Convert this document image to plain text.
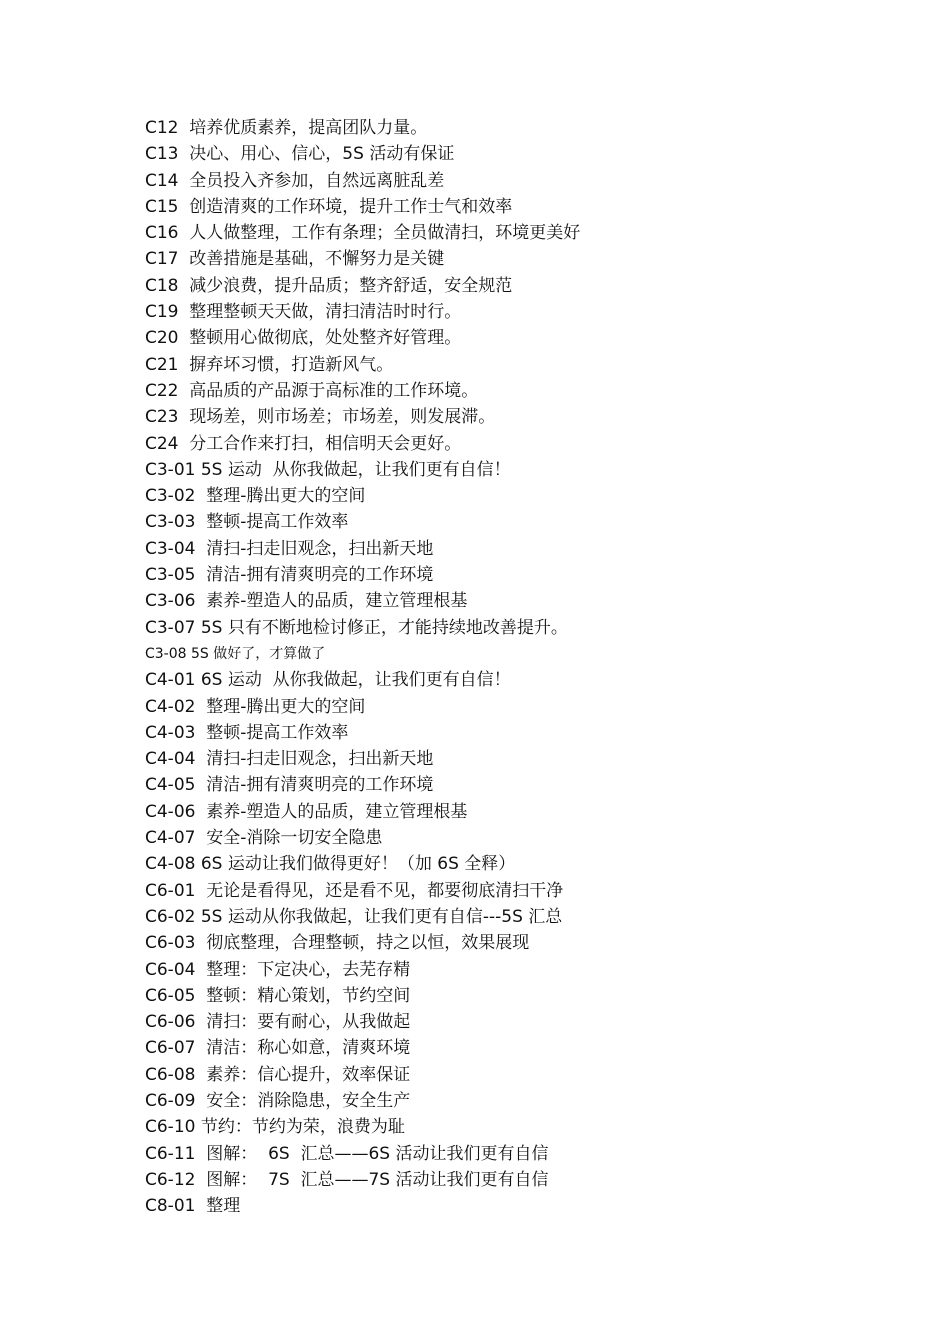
C12  培养优质素养，提高团队力量。
C13  决心、用心、信心，5S 活动有保证
C14  全员投入齐参加，自然远离脏乱差
C15  创造清爽的工作环境，提升工作士气和效率
C16  人人做整理，工作有条理；全员做清扫，环境更美好
C17  改善措施是基础，不懈努力是关键
C18  减少浪费，提升品质；整齐舒适，安全规范
C19  整理整顿天天做，清扫清洁时时行。
C20  整顿用心做彻底，处处整齐好管理。
C21  摒弃坏习惯，打造新风气。
C22  高品质的产品源于高标准的工作环境。
C23  现场差，则市场差；市场差，则发展滞。
C24  分工合作来打扫，相信明天会更好。
C3-01 5S 运动  从你我做起，让我们更有自信！
C3-02  整理-腾出更大的空间
C3-03  整顿-提高工作效率
C3-04  清扫-扫走旧观念，扫出新天地
C3-05  清洁-拥有清爽明亮的工作环境
C3-06  素养-塑造人的品质，建立管理根基
C3-07 5S 只有不断地检讨修正，才能持续地改善提升。
C3-08 5S 做好了，才算做了
C4-01 6S 运动  从你我做起，让我们更有自信！
C4-02  整理-腾出更大的空间
C4-03  整顿-提高工作效率
C4-04  清扫-扫走旧观念，扫出新天地
C4-05  清洁-拥有清爽明亮的工作环境
C4-06  素养-塑造人的品质，建立管理根基
C4-07  安全-消除一切安全隐患
C4-08 6S 运动让我们做得更好！（加 6S 全释）
C6-01  无论是看得见，还是看不见，都要彻底清扫干净
C6-02 5S 运动从你我做起，让我们更有自信---5S 汇总
C6-03  彻底整理，合理整顿，持之以恒，效果展现
C6-04  整理：下定决心，去芜存精
C6-05  整顿：精心策划，节约空间
C6-06  清扫：要有耐心，从我做起
C6-07  清洁：称心如意，清爽环境
C6-08  素养：信心提升，效率保证
C6-09  安全：消除隐患，安全生产
C6-10 节约：节约为荣，浪费为耻
C6-11  图解：  6S  汇总——6S 活动让我们更有自信
C6-12  图解：  7S  汇总——7S 活动让我们更有自信
C8-01  整理
